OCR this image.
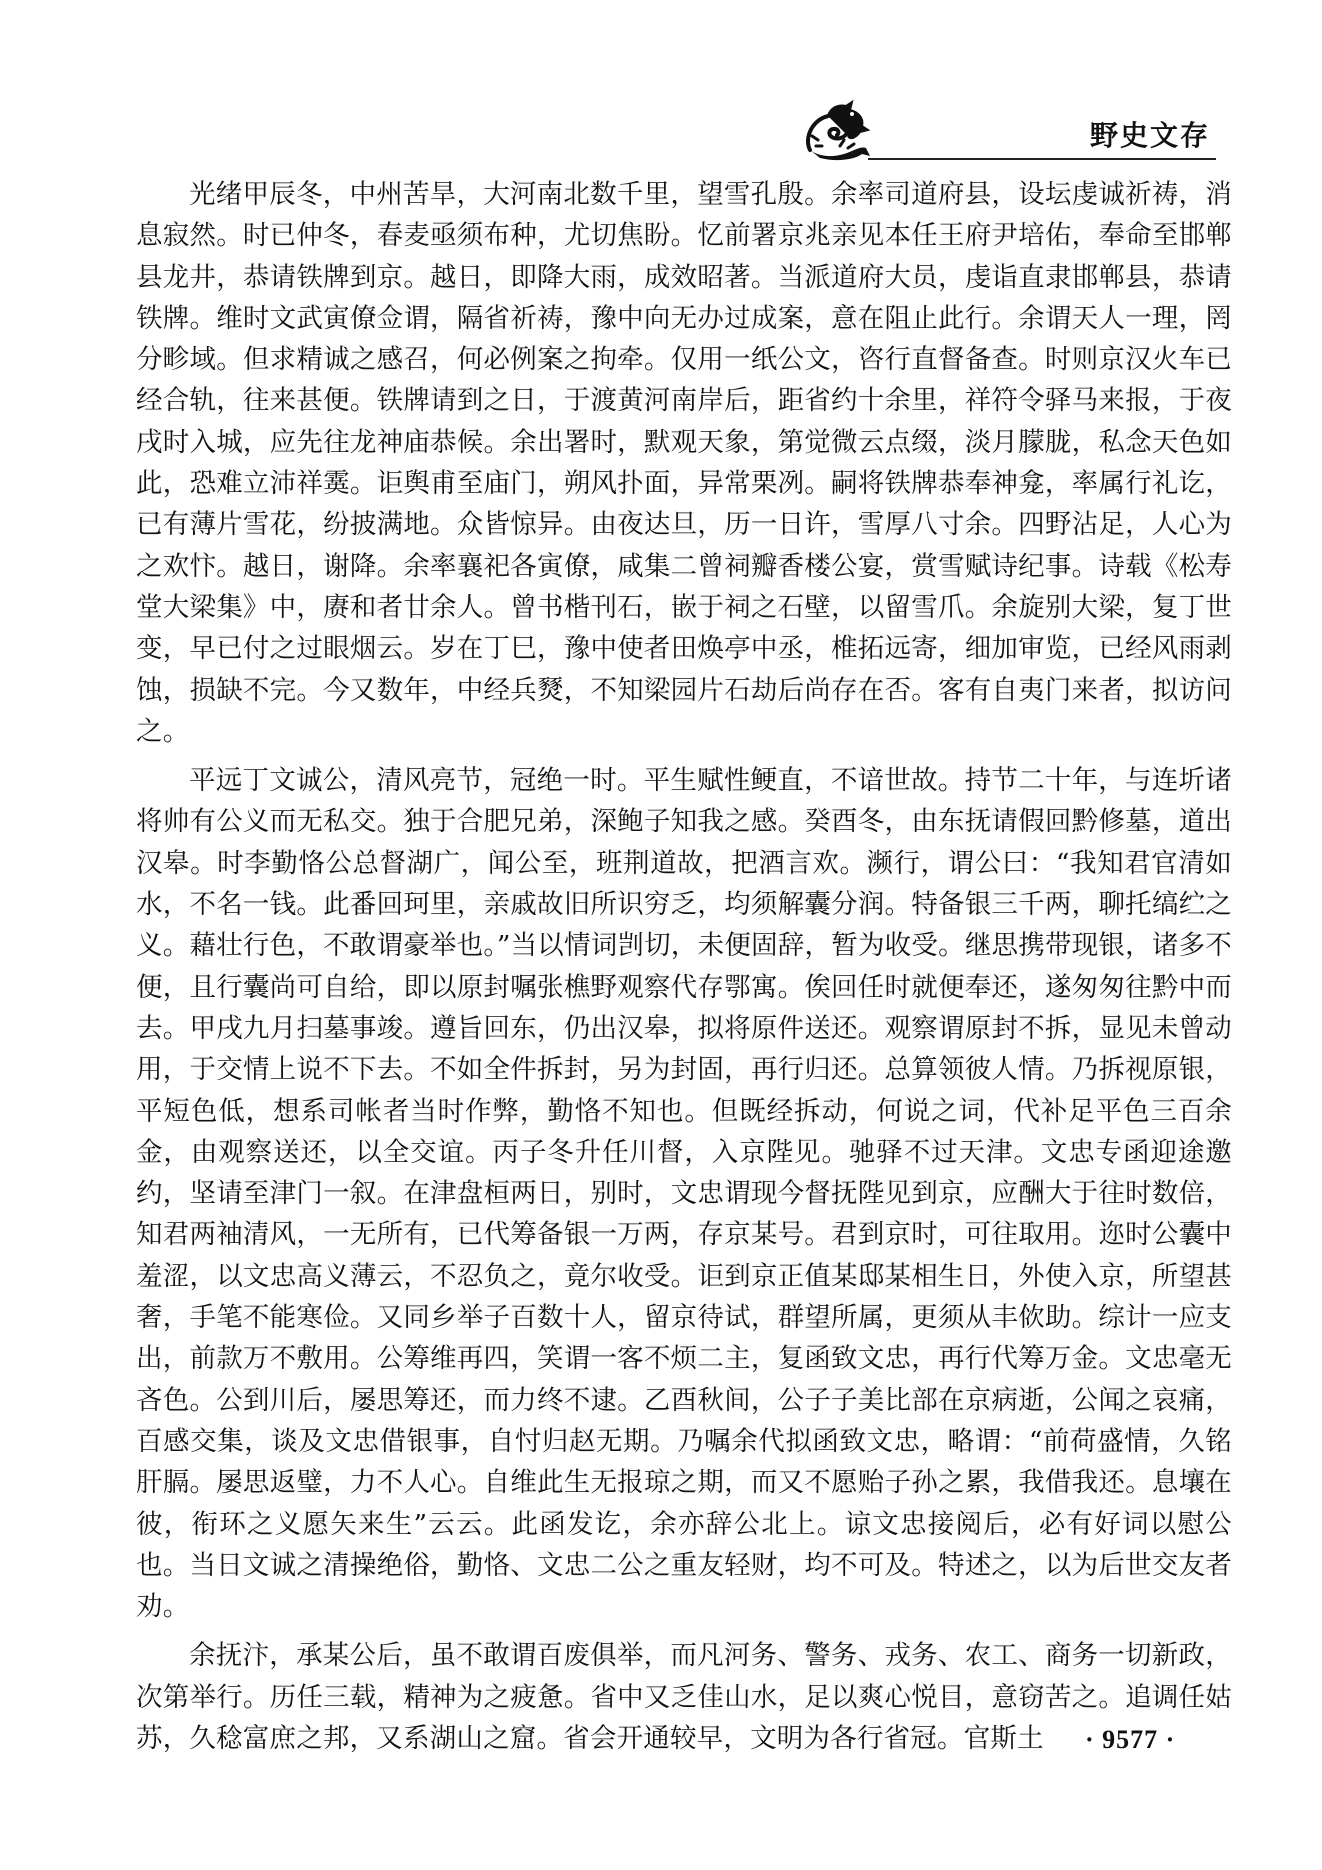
野史文存

光绪甲辰冬，中州苦旱，大河南北数千里，望雪孔殷。余率司道府县，设坛虔诚祈祷，消息寂然。时已仲冬，春麦亟须布种，尤切焦盼。忆前署京兆亲见本任王府尹培佑，奉命至邯郸县龙井，恭请铁牌到京。越日，即降大雨，成效昭著。当派道府大员，虔诣直隶邯郸县，恭请铁牌。维时文武寅僚佥谓，隔省祈祷，豫中向无办过成案，意在阻止此行。余谓天人一理，罔分畛域。但求精诚之感召，何必例案之拘牵。仅用一纸公文，咨行直督备查。时则京汉火车已经合轨，往来甚便。铁牌请到之日，于渡黄河南岸后，距省约十余里，祥符令驿马来报，于夜戌时入城，应先往龙神庙恭候。余出署时，默观天象，第觉微云点缀，淡月朦胧，私念天色如此，恐难立沛祥霙。讵舆甫至庙门，朔风扑面，异常栗冽。嗣将铁牌恭奉神龛，率属行礼讫，已有薄片雪花，纷披满地。众皆惊异。由夜达旦，历一日许，雪厚八寸余。四野沾足，人心为之欢忭。越日，谢降。余率襄祀各寅僚，咸集二曾祠瓣香楼公宴，赏雪赋诗纪事。诗载《松寿堂大梁集》中，赓和者廿余人。曾书楷刊石，嵌于祠之石壁，以留雪爪。余旋别大梁，复丁世变，早已付之过眼烟云。岁在丁巳，豫中使者田焕亭中丞，椎拓远寄，细加审览，已经风雨剥蚀，损缺不完。今又数年，中经兵燹，不知梁园片石劫后尚存在否。客有自夷门来者，拟访问之。

平远丁文诚公，清风亮节，冠绝一时。平生赋性鲠直，不谙世故。持节二十年，与连圻诸将帅有公义而无私交。独于合肥兄弟，深鲍子知我之感。癸酉冬，由东抚请假回黔修墓，道出汉皋。时李勤恪公总督湖广，闻公至，班荆道故，把酒言欢。濒行，谓公曰：“我知君官清如水，不名一钱。此番回珂里，亲戚故旧所识穷乏，均须解囊分润。特备银三千两，聊托缟纻之义。藉壮行色，不敢谓豪举也。”当以情词剀切，未便固辞，暂为收受。继思携带现银，诸多不便，且行囊尚可自给，即以原封嘱张樵野观察代存鄂寓。俟回任时就便奉还，遂匆匆往黔中而去。甲戌九月扫墓事竣。遵旨回东，仍出汉皋，拟将原件送还。观察谓原封不拆，显见未曾动用，于交情上说不下去。不如全件拆封，另为封固，再行归还。总算领彼人情。乃拆视原银，平短色低，想系司帐者当时作弊，勤恪不知也。但既经拆动，何说之词，代补足平色三百余金，由观察送还，以全交谊。丙子冬升任川督，入京陛见。驰驿不过天津。文忠专函迎途邀约，坚请至津门一叙。在津盘桓两日，别时，文忠谓现今督抚陛见到京，应酬大于往时数倍，知君两袖清风，一无所有，已代筹备银一万两，存京某号。君到京时，可往取用。迩时公囊中羞涩，以文忠高义薄云，不忍负之，竟尔收受。讵到京正值某邸某相生日，外使入京，所望甚奢，手笔不能寒俭。又同乡举子百数十人，留京待试，群望所属，更须从丰佽助。综计一应支出，前款万不敷用。公筹维再四，笑谓一客不烦二主，复函致文忠，再行代筹万金。文忠毫无吝色。公到川后，屡思筹还，而力终不逮。乙酉秋间，公子子美比部在京病逝，公闻之哀痛，百感交集，谈及文忠借银事，自忖归赵无期。乃嘱余代拟函致文忠，略谓：“前荷盛情，久铭肝膈。屡思返璧，力不人心。自维此生无报琼之期，而又不愿贻子孙之累，我借我还。息壤在彼，衔环之义愿矢来生”云云。此函发讫，余亦辞公北上。谅文忠接阅后，必有好词以慰公也。当日文诚之清操绝俗，勤恪、文忠二公之重友轻财，均不可及。特述之，以为后世交友者劝。

余抚汴，承某公后，虽不敢谓百废俱举，而凡河务、警务、戎务、农工、商务一切新政，次第举行。历任三载，精神为之疲惫。省中又乏佳山水，足以爽心悦目，意窃苦之。追调任姑苏，久稔富庶之邦，又系湖山之窟。省会开通较早，文明为各行省冠。官斯土	· 9577 ·
